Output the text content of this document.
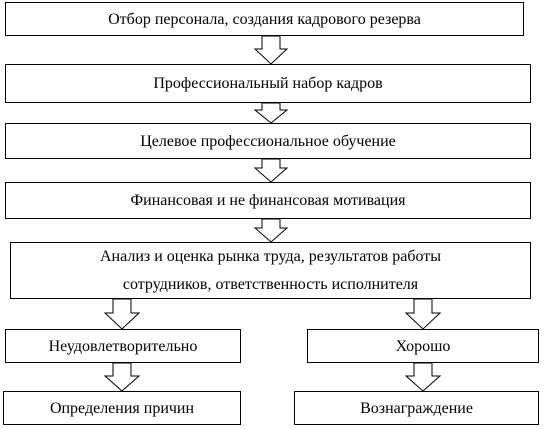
Отбор персонала, создания кадрового резерва
Профессиональный набор кадров
Целевое профессиональное обучение
Финансовая и не финансовая мотивация
Анализ и оценка рынка труда, результатов работы
сотрудников, ответственность исполнителя
Неудовлетворительно	Хорошо
Определения причин	Вознаграждение
